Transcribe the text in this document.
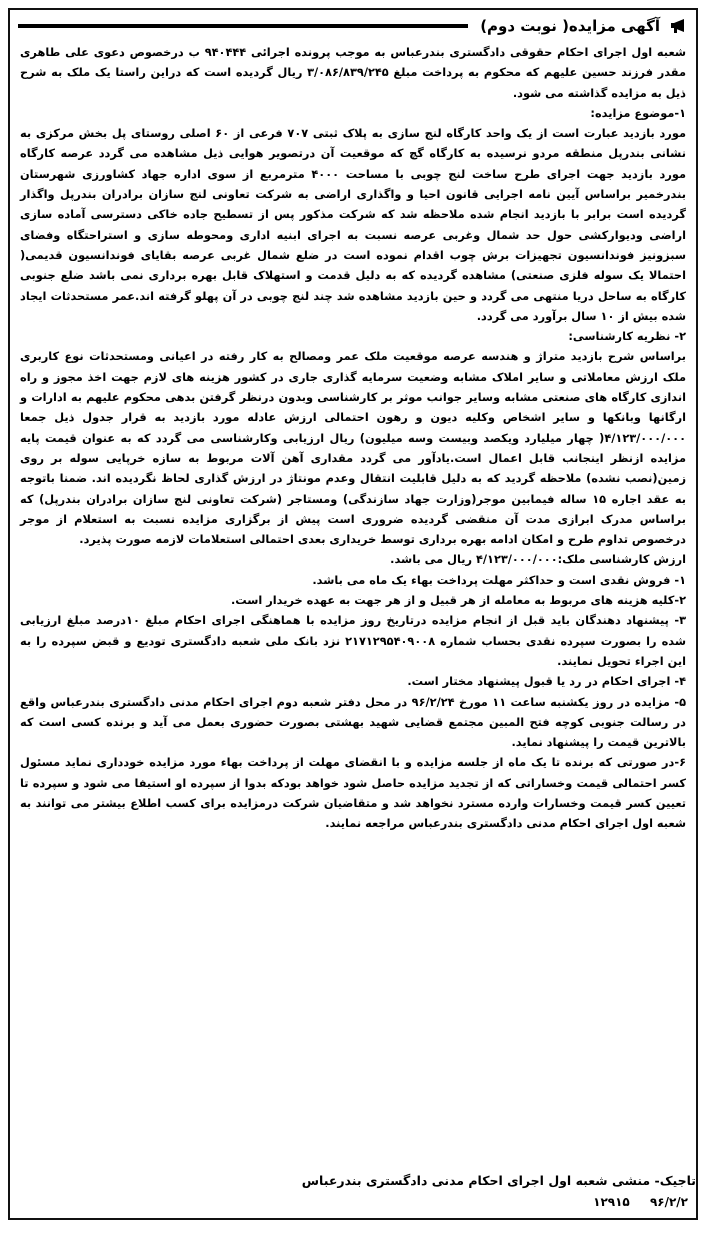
آگهی مزایده( نوبت دوم)

شعبه اول اجرای احکام حقوقی دادگستری بندرعباس به موجب پرونده اجرائی ۹۴۰۴۴۴ ب درخصوص دعوی علی طاهری مقدر فرزند حسین علیهم که محکوم به پرداخت مبلغ ۳/۰۸۶/۸۳۹/۲۴۵ ریال گردیده است که دراین راستا یک ملک به شرح ذیل به مزایده گذاشته می شود.

۱-موضوع مزایده:

مورد بازدید عبارت است از یک واحد کارگاه لنج سازی به پلاک ثبتی ۷۰۷ فرعی از ۶۰ اصلی روستای پل بخش مرکزی به نشانی بندرپل منطقه مردو نرسیده به کارگاه گچ که موقعیت آن درتصویر هوایی ذیل مشاهده می گردد عرصه کارگاه مورد بازدید جهت اجرای طرح ساخت لنج چوبی با مساحت ۴۰۰۰ مترمربع از سوی اداره جهاد کشاورزی شهرستان بندرخمیر براساس آیین نامه اجرایی قانون احیا و واگذاری اراضی به شرکت تعاونی لنج سازان برادران بندرپل واگذار گردیده است برابر با بازدید انجام شده ملاحظه شد که شرکت مذکور پس از تسطیح جاده خاکی دسترسی آماده سازی اراضی ودیوارکشی حول حد شمال وغربی عرصه نسبت به اجرای ابنیه اداری ومحوطه سازی و استراحتگاه وفضای سبزونیز فوندانسیون تجهیزات برش چوب اقدام نموده است در ضلع شمال غربی عرصه بقایای فوندانسیون قدیمی( احتمالا یک سوله فلزی صنعتی) مشاهده گردیده که به دلیل قدمت و استهلاک قابل بهره برداری نمی باشد ضلع جنوبی کارگاه به ساحل دریا منتهی می گردد و حین بازدید مشاهده شد چند لنج چوبی در آن پهلو گرفته اند.عمر مستحدثات ایجاد شده بیش از ۱۰ سال برآورد می گردد.

۲- نظریه کارشناسی:

براساس شرح بازدید متراژ و هندسه عرصه موقعیت ملک عمر ومصالح به کار رفته در اعیانی ومستحدثات نوع کاربری ملک ارزش معاملاتی و سایر املاک مشابه وضعیت سرمایه گذاری جاری در کشور هزینه های لازم جهت اخذ مجوز و راه اندازی کارگاه های صنعتی مشابه وسایر جوانب موثر بر کارشناسی وبدون درنظر گرفتن بدهی محکوم علیهم به ادارات و ارگانها وبانکها و سایر اشخاص وکلیه دیون و رهون احتمالی ارزش عادله مورد بازدید به قرار جدول ذیل جمعا ۴/۱۲۳/۰۰۰/۰۰۰( چهار میلیارد ویکصد وبیست وسه میلیون) ریال ارزیابی وکارشناسی می گردد که به عنوان قیمت پایه مزایده ازنظر اینجانب قابل اعمال است.یادآور می گردد مقداری آهن آلات مربوط به سازه خرپایی سوله بر روی زمین(نصب نشده) ملاحظه گردید که به دلیل قابلیت انتقال وعدم مونتاژ در ارزش گذاری لحاظ نگردیده اند. ضمنا باتوجه به عقد اجاره ۱۵ ساله فیمابین موجر(وزارت جهاد سازندگی) ومستاجر (شرکت تعاونی لنج سازان برادران بندرپل) که براساس مدرک ابرازی مدت آن منقضی گردیده ضروری است پیش از برگزاری مزایده نسبت به استعلام از موجر درخصوص تداوم طرح و امکان ادامه بهره برداری توسط خریداری بعدی احتمالی استعلامات لازمه صورت پذیرد.

ارزش کارشناسی ملک:۴/۱۲۳/۰۰۰/۰۰۰ ریال می باشد.

۱- فروش نقدی است و حداکثر مهلت پرداخت بهاء یک ماه می باشد.

۲-کلیه هزینه های مربوط به معامله از هر قبیل و از هر جهت به عهده خریدار است.

۳- پیشنهاد دهندگان باید قبل از انجام مزایده درتاریخ روز مزایده با هماهنگی اجرای احکام مبلغ ۱۰درصد مبلغ ارزیابی شده را بصورت سپرده نقدی بحساب شماره ۲۱۷۱۲۹۵۴۰۹۰۰۸ نزد بانک ملی شعبه دادگستری تودیع و قبض سپرده را به این اجراء تحویل نمایند.

۴- اجرای احکام در رد یا قبول پیشنهاد مختار است.

۵- مزایده در روز یکشنبه ساعت ۱۱ مورخ ۹۶/۲/۲۴ در محل دفتر شعبه دوم اجرای احکام مدنی دادگستری بندرعباس واقع در رسالت جنوبی کوچه فتح المبین مجتمع قضایی شهید بهشتی بصورت حضوری بعمل می آید و برنده کسی است که بالاترین قیمت را پیشنهاد نماید.

۶-در صورتی که برنده تا یک ماه از جلسه مزایده و با انقضای مهلت از پرداخت بهاء مورد مزایده خودداری نماید مسئول کسر احتمالی قیمت وخساراتی که از تجدید مزایده حاصل شود خواهد بودکه بدوا از سپرده او استیفا می شود و سپرده تا تعیین کسر قیمت وخسارات وارده مسترد نخواهد شد و متقاضیان شرکت درمزایده برای کسب اطلاع بیشتر می توانند به شعبه اول اجرای احکام مدنی دادگستری بندرعباس مراجعه نمایند.

تاجیک- منشی شعبه اول اجرای احکام مدنی دادگستری بندرعباس
۹۶/۲/۲ ۱۲۹۱۵
